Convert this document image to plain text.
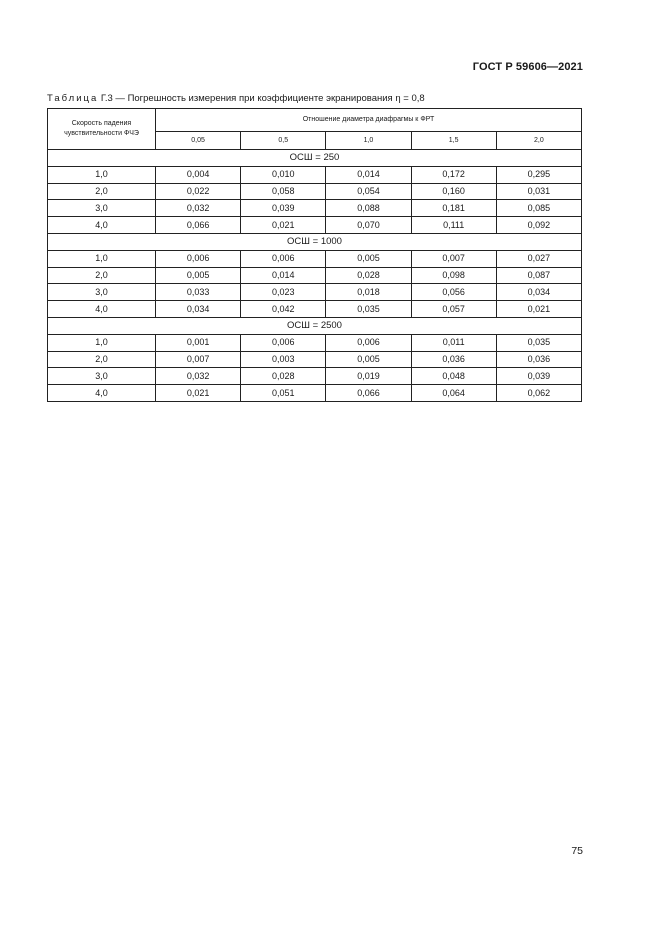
ГОСТ Р 59606—2021
Таблица Г.3 — Погрешность измерения при коэффициенте экранирования η = 0,8
Скорость падения чувствительности ФЧЭ	Отношение диаметра диафрагмы к ФРТ				
	0,05	0,5	1,0	1,5	2,0
ОСШ = 250					
1,0	0,004	0,010	0,014	0,172	0,295
2,0	0,022	0,058	0,054	0,160	0,031
3,0	0,032	0,039	0,088	0,181	0,085
4,0	0,066	0,021	0,070	0,111	0,092
ОСШ = 1000					
1,0	0,006	0,006	0,005	0,007	0,027
2,0	0,005	0,014	0,028	0,098	0,087
3,0	0,033	0,023	0,018	0,056	0,034
4,0	0,034	0,042	0,035	0,057	0,021
ОСШ = 2500					
1,0	0,001	0,006	0,006	0,011	0,035
2,0	0,007	0,003	0,005	0,036	0,036
3,0	0,032	0,028	0,019	0,048	0,039
4,0	0,021	0,051	0,066	0,064	0,062
75
